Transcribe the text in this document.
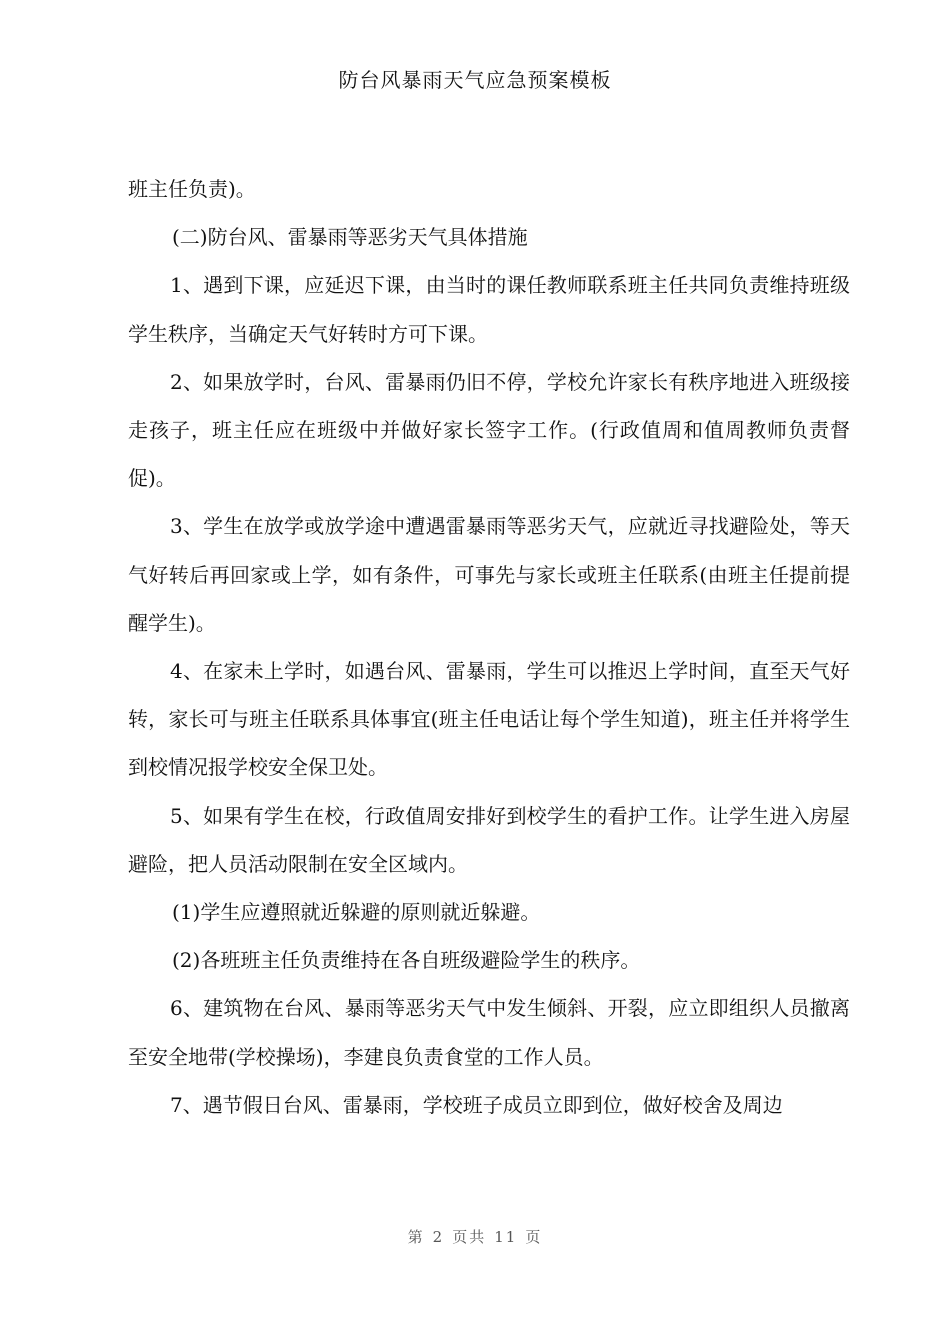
防台风暴雨天气应急预案模板

班主任负责)。

(二)防台风、雷暴雨等恶劣天气具体措施

1、遇到下课，应延迟下课，由当时的课任教师联系班主任共同负责维持班级学生秩序，当确定天气好转时方可下课。

2、如果放学时，台风、雷暴雨仍旧不停，学校允许家长有秩序地进入班级接走孩子，班主任应在班级中并做好家长签字工作。(行政值周和值周教师负责督促)。

3、学生在放学或放学途中遭遇雷暴雨等恶劣天气，应就近寻找避险处，等天气好转后再回家或上学，如有条件，可事先与家长或班主任联系(由班主任提前提醒学生)。

4、在家未上学时，如遇台风、雷暴雨，学生可以推迟上学时间，直至天气好转，家长可与班主任联系具体事宜(班主任电话让每个学生知道)，班主任并将学生到校情况报学校安全保卫处。

5、如果有学生在校，行政值周安排好到校学生的看护工作。让学生进入房屋避险，把人员活动限制在安全区域内。

(1)学生应遵照就近躲避的原则就近躲避。

(2)各班班主任负责维持在各自班级避险学生的秩序。

6、建筑物在台风、暴雨等恶劣天气中发生倾斜、开裂，应立即组织人员撤离至安全地带(学校操场)，李建良负责食堂的工作人员。

7、遇节假日台风、雷暴雨，学校班子成员立即到位，做好校舍及周边

第 2 页共 11 页
